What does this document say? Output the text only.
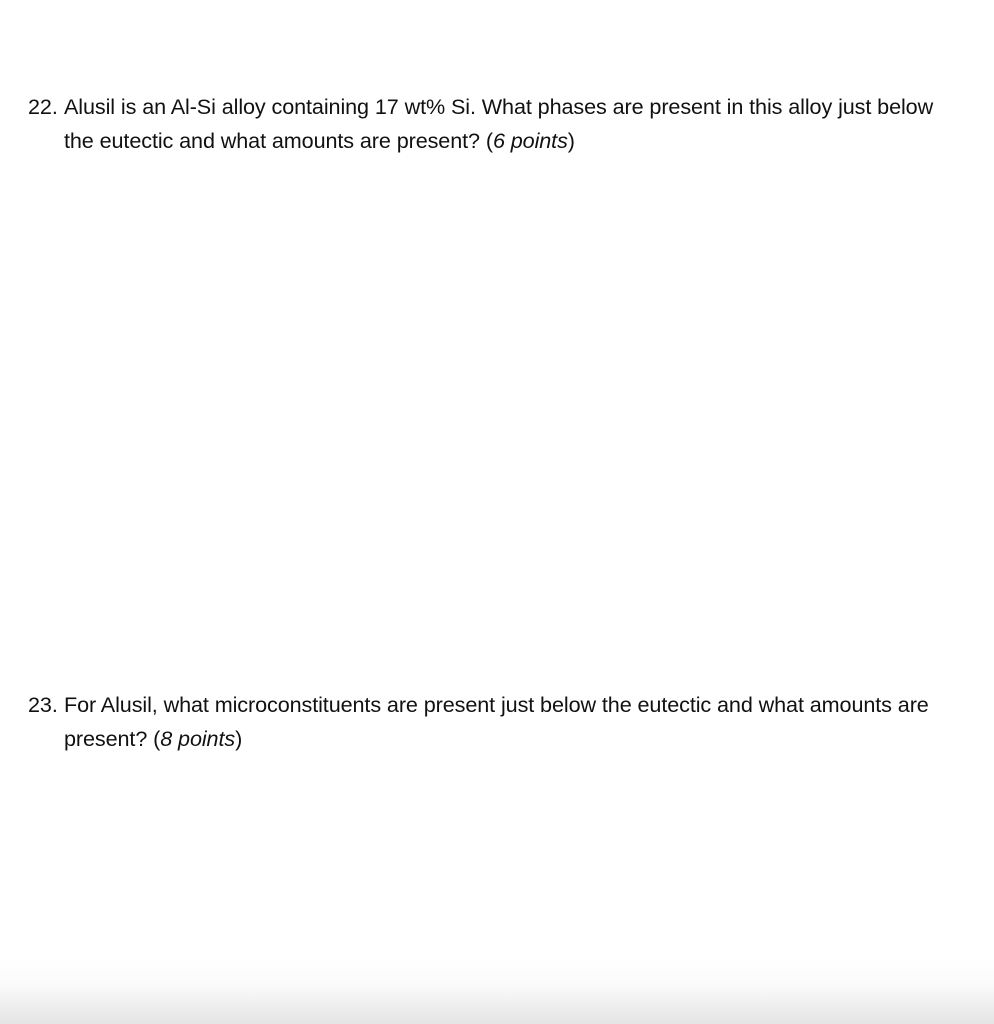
22. Alusil is an Al-Si alloy containing 17 wt% Si. What phases are present in this alloy just below the eutectic and what amounts are present? (6 points)
23. For Alusil, what microconstituents are present just below the eutectic and what amounts are present? (8 points)
